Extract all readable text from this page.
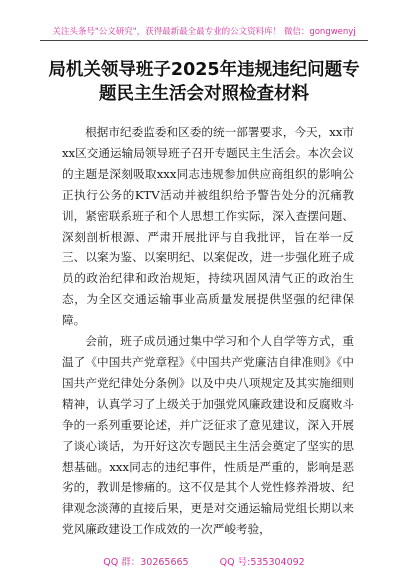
关注头条号"公文研究"，获得最新最全最专业的公文资料库！ 微信：gongwenyj
局机关领导班子2025年违规违纪问题专题民主生活会对照检查材料

根据市纪委监委和区委的统一部署要求，今天，xx市xx区交通运输局领导班子召开专题民主生活会。本次会议的主题是深刻吸取xxx同志违规参加供应商组织的影响公正执行公务的KTV活动并被组织给予警告处分的沉痛教训，紧密联系班子和个人思想工作实际，深入查摆问题、深刻剖析根源、严肃开展批评与自我批评，旨在举一反三、以案为鉴、以案明纪、以案促改，进一步强化班子成员的政治纪律和政治规矩，持续巩固风清气正的政治生态，为全区交通运输事业高质量发展提供坚强的纪律保障。

会前，班子成员通过集中学习和个人自学等方式，重温了《中国共产党章程》《中国共产党廉洁自律准则》《中国共产党纪律处分条例》以及中央八项规定及其实施细则精神，认真学习了上级关于加强党风廉政建设和反腐败斗争的一系列重要论述，并广泛征求了意见建议，深入开展了谈心谈话，为开好这次专题民主生活会奠定了坚实的思想基础。xxx同志的违纪事件，性质是严重的，影响是恶劣的，教训是惨痛的。这不仅是其个人党性修养滑坡、纪律观念淡薄的直接后果，更是对交通运输局党组长期以来党风廉政建设工作成效的一次严峻考验，

QQ 群：30265665	QQ 号:535304092
